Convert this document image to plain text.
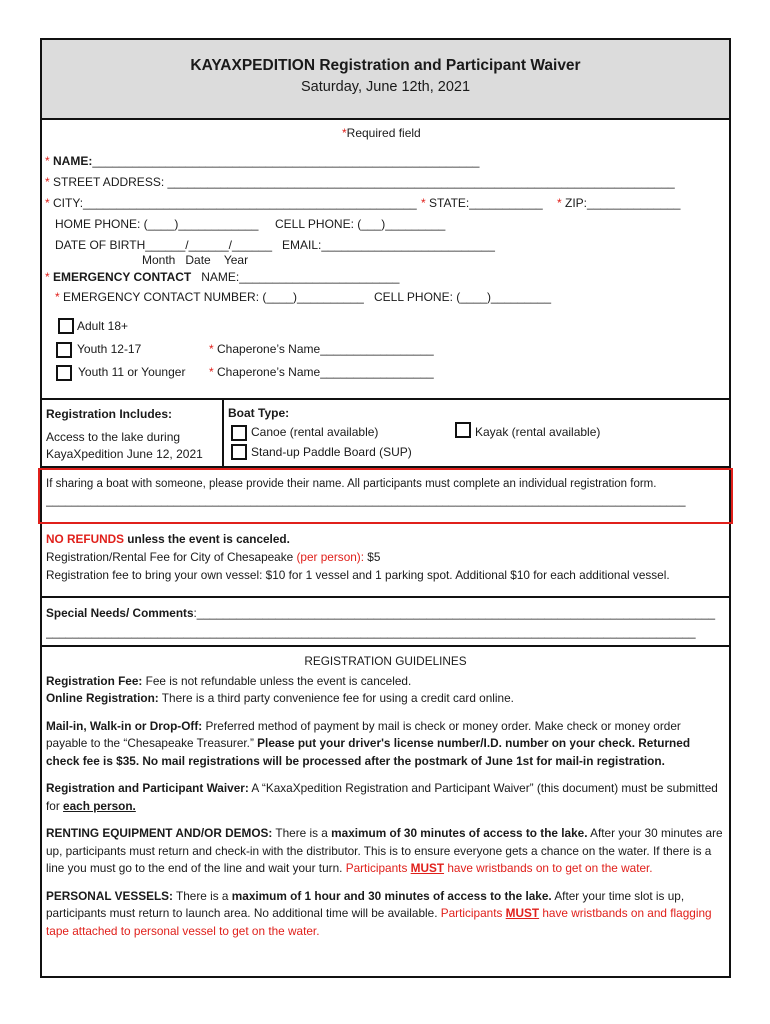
KAYAXPEDITION Registration and Participant Waiver
Saturday, June 12th, 2021
*Required field
* NAME:__________________________________________________________
* STREET ADDRESS: ____________________________________________________________________________
* CITY:__________________________________________________ * STATE:___________ * ZIP:______________
HOME PHONE: (____)____________ CELL PHONE: (___)_________
DATE OF BIRTH______/______/______ EMAIL:__________________________
Month   Date    Year
* EMERGENCY CONTACT NAME:________________________
* EMERGENCY CONTACT NUMBER: (____)__________ CELL PHONE: (____)_________
Adult 18+
Youth 12-17	* Chaperone’s Name_________________
Youth 11 or Younger * Chaperone’s Name_________________
Registration Includes:
Access to the lake during
KayaXpedition June 12, 2021
Boat Type:
Canoe (rental available)	Kayak (rental available)
Stand-up Paddle Board (SUP)
If sharing a boat with someone, please provide their name. All participants must complete an individual registration form.
____________________________________________________________________________________________________
NO REFUNDS unless the event is canceled.
Registration/Rental Fee for City of Chesapeake (per person): $5
Registration fee to bring your own vessel: $10 for 1 vessel and 1 parking spot. Additional $10 for each additional vessel.
Special Needs/ Comments:_______________________________________________________________________________
___________________________________________________________________________________________________
REGISTRATION GUIDELINES
Registration Fee: Fee is not refundable unless the event is canceled.

Online Registration: There is a third party convenience fee for using a credit card online.

Mail-in, Walk-in or Drop-Off: Preferred method of payment by mail is check or money order. Make check or money order payable to the “Chesapeake Treasurer.” Please put your driver's license number/I.D. number on your check. Returned check fee is $35. No mail registrations will be processed after the postmark of June 1st for mail-in registration.

Registration and Participant Waiver: A “KaxaXpedition Registration and Participant Waiver” (this document) must be submitted for each person.

RENTING EQUIPMENT AND/OR DEMOS: There is a maximum of 30 minutes of access to the lake. After your 30 minutes are up, participants must return and check-in with the distributor. This is to ensure everyone gets a chance on the water. If there is a line you must go to the end of the line and wait your turn. Participants MUST have wristbands on to get on the water.

PERSONAL VESSELS: There is a maximum of 1 hour and 30 minutes of access to the lake. After your time slot is up, participants must return to launch area. No additional time will be available. Participants MUST have wristbands on and flagging tape attached to personal vessel to get on the water.
